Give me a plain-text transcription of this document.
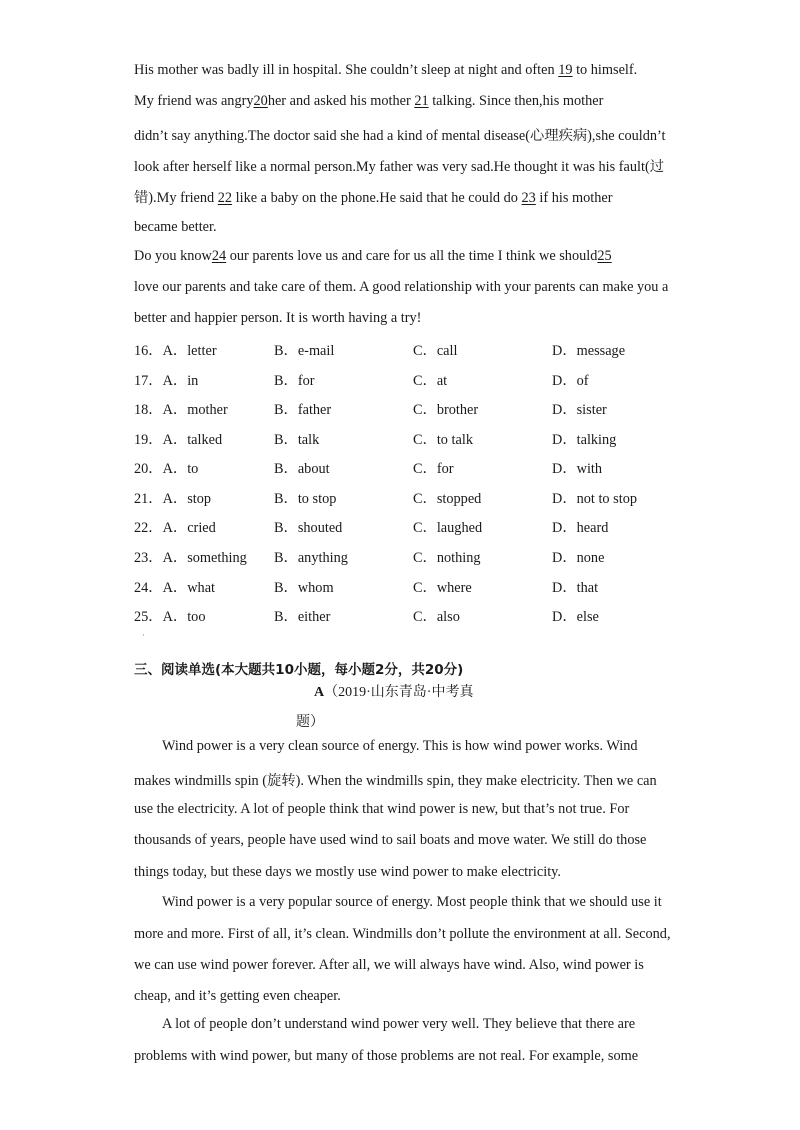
His mother was badly ill in hospital. She couldn’t sleep at night and often 19 to himself.
My friend was angry20her and asked his mother 21 talking. Since then,his mother
didn’t say anything.The doctor said she had a kind of mental disease(心理疾病),she couldn’t
look after herself like a normal person.My father was very sad.He thought it was his fault(过
错).My friend 22 like a baby on the phone.He said that he could do 23 if his mother
became better.
Do you know24 our parents love us and care for us all the time I think we should25
love our parents and take care of them. A good relationship with your parents can make you a
better and happier person. It is worth having a try!
16．A．letter	B．e-mail	C．call	D．message
17．A．in	B．for	C．at	D．of
18．A．mother	B．father	C．brother	D．sister
19．A．talked	B．talk	C．to talk	D．talking
20．A．to	B．about	C．for	D．with
21．A．stop	B．to stop	C．stopped	D．not to stop
22．A．cried	B．shouted	C．laughed	D．heard
23．A．something B．anything	C．nothing	D．none
24．A．what	B．whom	C．where	D．that
25．A．too	B．either	C．also	D．else
·
三、阅读单选(本大题共10小题，每小题2分，共20分)
A（2019·山东青岛·中考真
题）
Wind power is a very clean source of energy. This is how wind power works. Wind
makes windmills spin (旋转). When the windmills spin, they make electricity. Then we can
use the electricity. A lot of people think that wind power is new, but that’s not true. For
thousands of years, people have used wind to sail boats and move water. We still do those
things today, but these days we mostly use wind power to make electricity.
Wind power is a very popular source of energy. Most people think that we should use it
more and more. First of all, it’s clean. Windmills don’t pollute the environment at all. Second,
we can use wind power forever. After all, we will always have wind. Also, wind power is
cheap, and it’s getting even cheaper.
A lot of people don’t understand wind power very well. They believe that there are
problems with wind power, but many of those problems are not real. For example, some
